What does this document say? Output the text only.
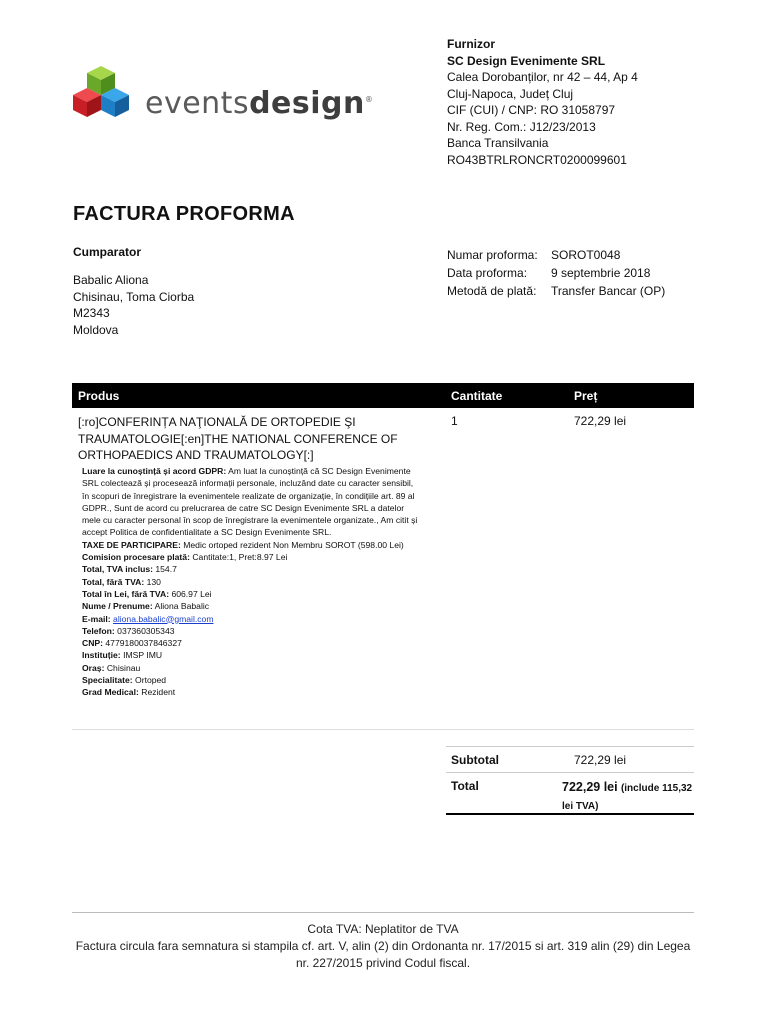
eventsdesign®
Furnizor
SC Design Evenimente SRL
Calea Dorobanților, nr 42 – 44, Ap 4
Cluj-Napoca, Județ Cluj
CIF (CUI) / CNP: RO 31058797
Nr. Reg. Com.: J12/23/2013
Banca Transilvania
RO43BTRLRONCRT0200099601
FACTURA PROFORMA
Cumparator
Babalic Aliona
Chisinau, Toma Ciorba
M2343
Moldova
Numar proforma:	SOROT0048
Data proforma:	9 septembrie 2018
Metodă de plată:	Transfer Bancar (OP)
Produs	Cantitate	Preț
[:ro]CONFERINȚA NAŢIONALĂ DE ORTOPEDIE ŞI TRAUMATOLOGIE[:en]THE NATIONAL CONFERENCE OF ORTHOPAEDICS AND TRAUMATOLOGY[:]
1	722,29 lei
Luare la cunoștință și acord GDPR: Am luat la cunoștință că SC Design Evenimente SRL colectează și procesează informații personale, incluzând date cu caracter sensibil, în scopuri de înregistrare la evenimentele realizate de organizație, în condițiile art. 89 al GDPR., Sunt de acord cu prelucrarea de catre SC Design Evenimente SRL a datelor mele cu caracter personal în scop de înregistrare la evenimentele organizate., Am citit și accept Politica de confidentialitate a SC Design Evenimente SRL.
TAXE DE PARTICIPARE: Medic ortoped rezident Non Membru SOROT (598.00 Lei)
Comision procesare plată: Cantitate:1, Pret:8.97 Lei
Total, TVA inclus: 154.7
Total, fără TVA: 130
Total în Lei, fără TVA: 606.97 Lei
Nume / Prenume: Aliona Babalic
E-mail: aliona.babalic@gmail.com
Telefon: 037360305343
CNP: 4779180037846327
Instituție: IMSP IMU
Oraș: Chisinau
Specialitate: Ortoped
Grad Medical: Rezident
Subtotal	722,29 lei
Total	722,29 lei (include 115,32 lei TVA)
Cota TVA: Neplatitor de TVA
Factura circula fara semnatura si stampila cf. art. V, alin (2) din Ordonanta nr. 17/2015 si art. 319 alin (29) din Legea nr. 227/2015 privind Codul fiscal.
